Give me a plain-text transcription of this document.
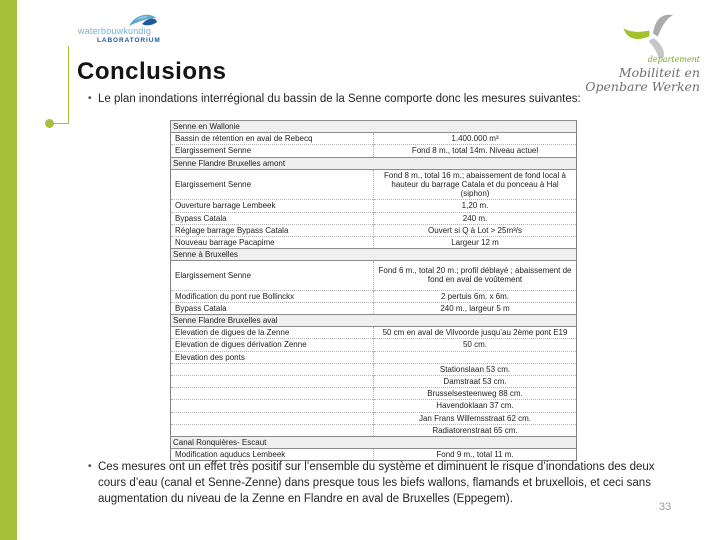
waterbouwkundig
LABORATORIUM
departement
Mobiliteit en
Openbare Werken
Conclusions
• Le plan inondations interrégional du bassin de la Senne comporte donc les mesures suivantes:
Senne en Wallonie	
Bassin de rétention en aval de Rebecq	1.400.000 m³
Elargissement Senne	Fond 8 m., total 14m. Niveau actuel
Senne Flandre Bruxelles amont	
Elargissement Senne	Fond 8 m., total 16 m.; abaissement de fond local à hauteur du barrage Catala et du ponceau à Hal (siphon)
Ouverture barrage Lembeek	1,20 m.
Bypass Catala	240 m.
Réglage barrage Bypass Catala	Ouvert si Q à Lot > 25m³/s
Nouveau barrage Pacapime	Largeur 12 m
Senne à Bruxelles	
Elargissement Senne	Fond 6 m., total 20 m.; profil déblayé ; abaissement de fond en aval de voûtement
Modification du pont rue Bollinckx	2 pertuis 6m. x 6m.
Bypass Catala	240 m., largeur 5 m
Senne Flandre Bruxelles aval	
Elevation de digues de la Zenne	50 cm en aval de Vilvoorde jusqu’au 2ème pont E19
Elevation de digues dérivation Zenne	50 cm.
Elevation des ponts	
	Stationslaan 53 cm.
	Damstraat 53 cm.
	Brusselsesteenweg 88 cm.
	Havendoklaan 37 cm.
	Jan Frans Willemsstraat 62 cm.
	Radiatorenstraat 65 cm.
Canal Ronquières- Escaut	
Modification aquducs Lembeek	Fond 9 m., total 11 m.
• Ces mesures ont un effet très positif sur l’ensemble du système et diminuent le risque d’inondations des deux cours d’eau (canal et Senne-Zenne) dans presque tous les biefs wallons, flamands et bruxellois, et ceci sans augmentation du niveau de la Zenne en Flandre en aval de Bruxelles (Eppegem).
33
